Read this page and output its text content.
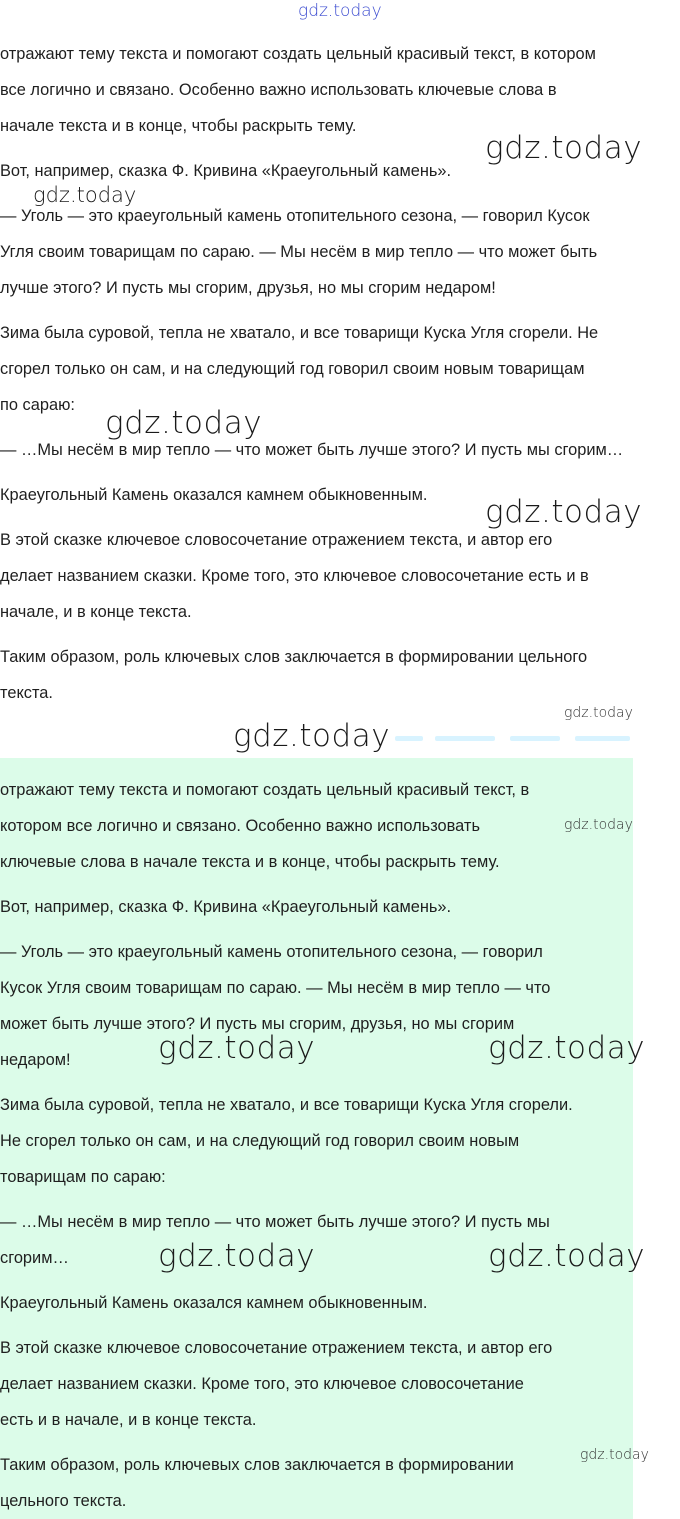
отражают тему текста и помогают создать цельный красивый текст, в котором

все логично и связано. Особенно важно использовать ключевые слова в

начале текста и в конце, чтобы раскрыть тему.

Вот, например, сказка Ф. Кривина «Краеугольный камень».

— Уголь — это краеугольный камень отопительного сезона, — говорил Кусок

Угля своим товарищам по сараю. — Мы несём в мир тепло — что может быть

лучше этого? И пусть мы сгорим, друзья, но мы сгорим недаром!

Зима была суровой, тепла не хватало, и все товарищи Куска Угля сгорели. Не

сгорел только он сам, и на следующий год говорил своим новым товарищам

по сараю:

— …Мы несём в мир тепло — что может быть лучше этого? И пусть мы сгорим…

Краеугольный Камень оказался камнем обыкновенным.

В этой сказке ключевое словосочетание отражением текста, и автор его

делает названием сказки. Кроме того, это ключевое словосочетание есть и в

начале, и в конце текста.

Таким образом, роль ключевых слов заключается в формировании цельного

текста.

отражают тему текста и помогают создать цельный красивый текст, в

котором все логично и связано. Особенно важно использовать

ключевые слова в начале текста и в конце, чтобы раскрыть тему.

Вот, например, сказка Ф. Кривина «Краеугольный камень».

— Уголь — это краеугольный камень отопительного сезона, — говорил

Кусок Угля своим товарищам по сараю. — Мы несём в мир тепло — что

может быть лучше этого? И пусть мы сгорим, друзья, но мы сгорим

недаром!

Зима была суровой, тепла не хватало, и все товарищи Куска Угля сгорели.

Не сгорел только он сам, и на следующий год говорил своим новым

товарищам по сараю:

— …Мы несём в мир тепло — что может быть лучше этого? И пусть мы

сгорим…

Краеугольный Камень оказался камнем обыкновенным.

В этой сказке ключевое словосочетание отражением текста, и автор его

делает названием сказки. Кроме того, это ключевое словосочетание

есть и в начале, и в конце текста.

Таким образом, роль ключевых слов заключается в формировании

цельного текста.

gdz.today
gdz.today
gdz.today
gdz.today
gdz.today
gdz.today
gdz.today
gdz.today
gdz.today	gdz.today
gdz.today	gdz.today
gdz.today
